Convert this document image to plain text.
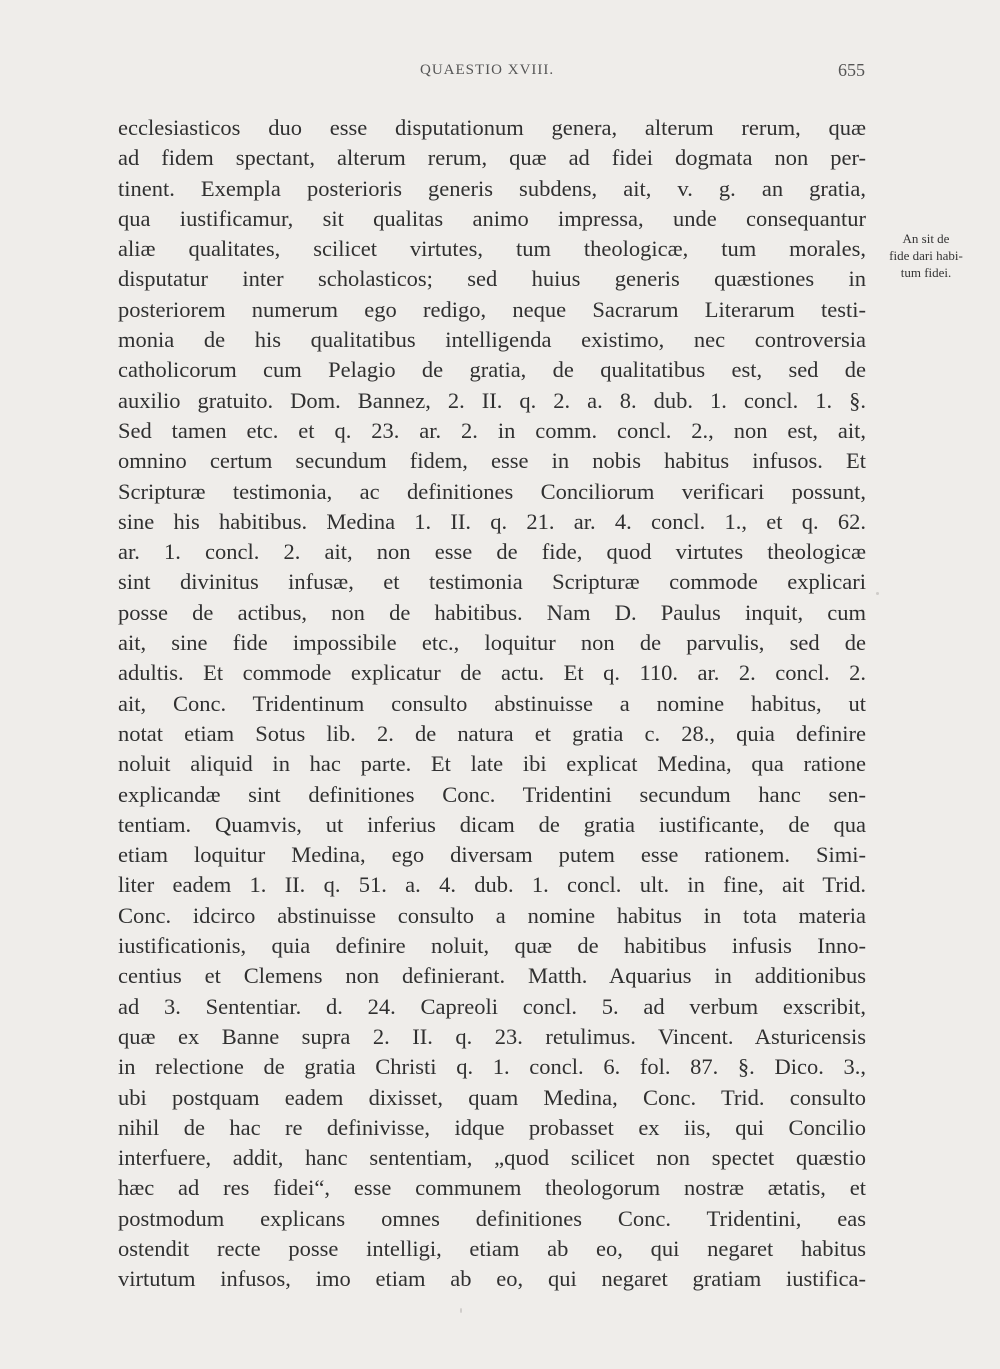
QUAESTIO XVIII.	655
An sit de
fide dari habi-
tum fidei.
ecclesiasticos duo esse disputationum genera, alterum rerum, quæ
ad fidem spectant, alterum rerum, quæ ad fidei dogmata non per-
tinent. Exempla posterioris generis subdens, ait, v. g. an gratia,
qua iustificamur, sit qualitas animo impressa, unde consequantur
aliæ qualitates, scilicet virtutes, tum theologicæ, tum morales,
disputatur inter scholasticos; sed huius generis quæstiones in
posteriorem numerum ego redigo, neque Sacrarum Literarum testi-
monia de his qualitatibus intelligenda existimo, nec controversia
catholicorum cum Pelagio de gratia, de qualitatibus est, sed de
auxilio gratuito. Dom. Bannez, 2. II. q. 2. a. 8. dub. 1. concl. 1. §.
Sed tamen etc. et q. 23. ar. 2. in comm. concl. 2., non est, ait,
omnino certum secundum fidem, esse in nobis habitus infusos. Et
Scripturæ testimonia, ac definitiones Conciliorum verificari possunt,
sine his habitibus. Medina 1. II. q. 21. ar. 4. concl. 1., et q. 62.
ar. 1. concl. 2. ait, non esse de fide, quod virtutes theologicæ
sint divinitus infusæ, et testimonia Scripturæ commode explicari
posse de actibus, non de habitibus. Nam D. Paulus inquit, cum
ait, sine fide impossibile etc., loquitur non de parvulis, sed de
adultis. Et commode explicatur de actu. Et q. 110. ar. 2. concl. 2.
ait, Conc. Tridentinum consulto abstinuisse a nomine habitus, ut
notat etiam Sotus lib. 2. de natura et gratia c. 28., quia definire
noluit aliquid in hac parte. Et late ibi explicat Medina, qua ratione
explicandæ sint definitiones Conc. Tridentini secundum hanc sen-
tentiam. Quamvis, ut inferius dicam de gratia iustificante, de qua
etiam loquitur Medina, ego diversam putem esse rationem. Simi-
liter eadem 1. II. q. 51. a. 4. dub. 1. concl. ult. in fine, ait Trid.
Conc. idcirco abstinuisse consulto a nomine habitus in tota materia
iustificationis, quia definire noluit, quæ de habitibus infusis Inno-
centius et Clemens non definierant. Matth. Aquarius in additionibus
ad 3. Sententiar. d. 24. Capreoli concl. 5. ad verbum exscribit,
quæ ex Banne supra 2. II. q. 23. retulimus. Vincent. Asturicensis
in relectione de gratia Christi q. 1. concl. 6. fol. 87. §. Dico. 3.,
ubi postquam eadem dixisset, quam Medina, Conc. Trid. consulto
nihil de hac re definivisse, idque probasset ex iis, qui Concilio
interfuere, addit, hanc sententiam, „quod scilicet non spectet quæstio
hæc ad res fidei“, esse communem theologorum nostræ ætatis, et
postmodum explicans omnes definitiones Conc. Tridentini, eas
ostendit recte posse intelligi, etiam ab eo, qui negaret habitus
virtutum infusos, imo etiam ab eo, qui negaret gratiam iustifica-
